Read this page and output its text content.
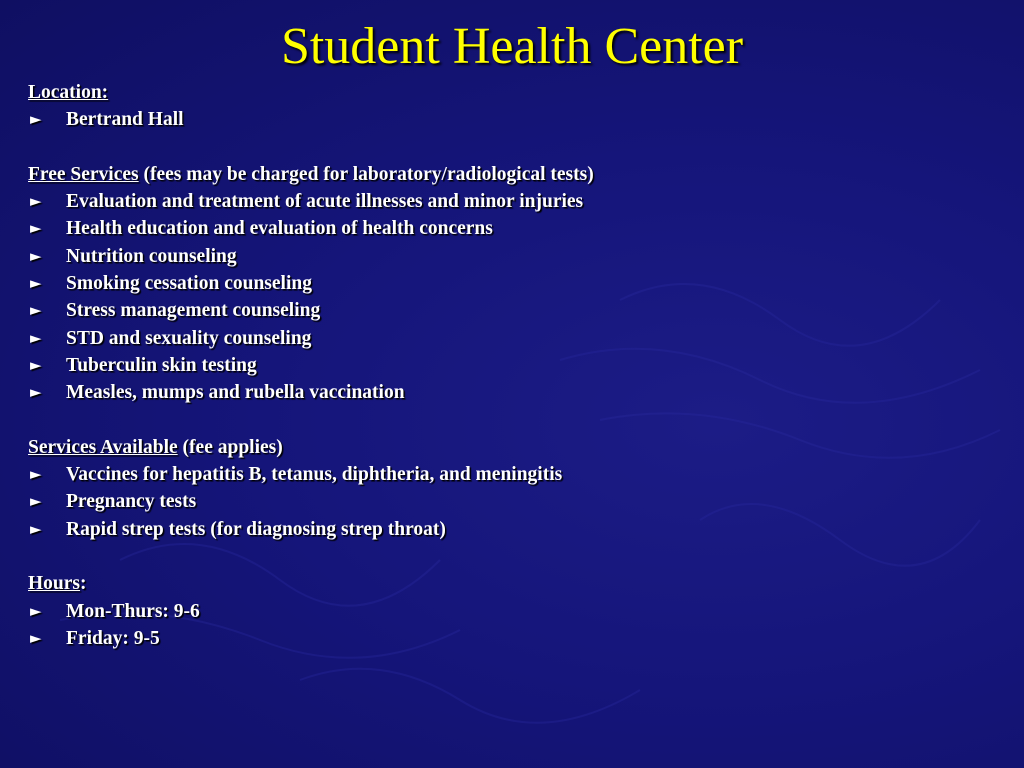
Student Health Center
Location:
► Bertrand Hall
Free Services (fees may be charged for laboratory/radiological tests)
► Evaluation and treatment of acute illnesses and minor injuries
► Health education and evaluation of health concerns
► Nutrition counseling
► Smoking cessation counseling
► Stress management counseling
► STD and sexuality counseling
► Tuberculin skin testing
► Measles, mumps and rubella vaccination
Services Available (fee applies)
► Vaccines for hepatitis B, tetanus, diphtheria, and meningitis
► Pregnancy tests
► Rapid strep tests (for diagnosing strep throat)
Hours:
► Mon-Thurs: 9-6
► Friday: 9-5
